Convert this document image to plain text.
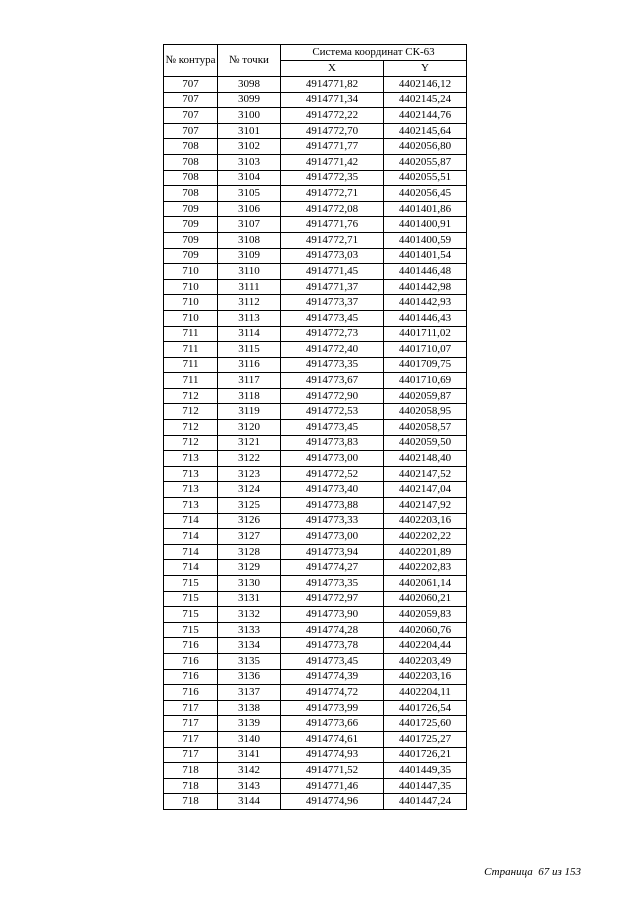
№ контура	№ точки	Система координат СК-63	
		X	Y
707	3098	4914771,82	4402146,12
707	3099	4914771,34	4402145,24
707	3100	4914772,22	4402144,76
707	3101	4914772,70	4402145,64
708	3102	4914771,77	4402056,80
708	3103	4914771,42	4402055,87
708	3104	4914772,35	4402055,51
708	3105	4914772,71	4402056,45
709	3106	4914772,08	4401401,86
709	3107	4914771,76	4401400,91
709	3108	4914772,71	4401400,59
709	3109	4914773,03	4401401,54
710	3110	4914771,45	4401446,48
710	3111	4914771,37	4401442,98
710	3112	4914773,37	4401442,93
710	3113	4914773,45	4401446,43
711	3114	4914772,73	4401711,02
711	3115	4914772,40	4401710,07
711	3116	4914773,35	4401709,75
711	3117	4914773,67	4401710,69
712	3118	4914772,90	4402059,87
712	3119	4914772,53	4402058,95
712	3120	4914773,45	4402058,57
712	3121	4914773,83	4402059,50
713	3122	4914773,00	4402148,40
713	3123	4914772,52	4402147,52
713	3124	4914773,40	4402147,04
713	3125	4914773,88	4402147,92
714	3126	4914773,33	4402203,16
714	3127	4914773,00	4402202,22
714	3128	4914773,94	4402201,89
714	3129	4914774,27	4402202,83
715	3130	4914773,35	4402061,14
715	3131	4914772,97	4402060,21
715	3132	4914773,90	4402059,83
715	3133	4914774,28	4402060,76
716	3134	4914773,78	4402204,44
716	3135	4914773,45	4402203,49
716	3136	4914774,39	4402203,16
716	3137	4914774,72	4402204,11
717	3138	4914773,99	4401726,54
717	3139	4914773,66	4401725,60
717	3140	4914774,61	4401725,27
717	3141	4914774,93	4401726,21
718	3142	4914771,52	4401449,35
718	3143	4914771,46	4401447,35
718	3144	4914774,96	4401447,24
Страница 67 из 153
